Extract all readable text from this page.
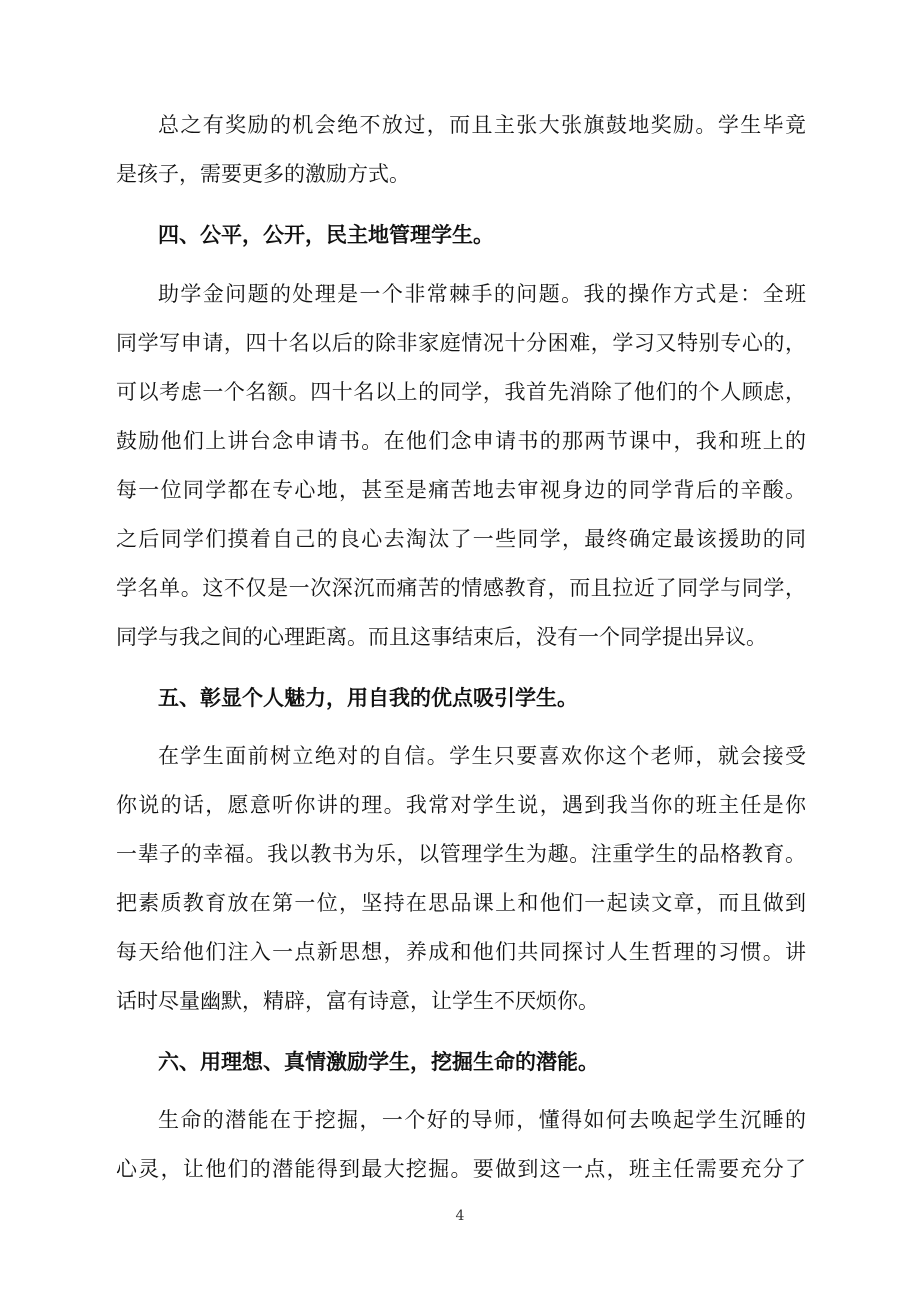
总之有奖励的机会绝不放过，而且主张大张旗鼓地奖励。学生毕竟
是孩子，需要更多的激励方式。
四、公平，公开，民主地管理学生。
助学金问题的处理是一个非常棘手的问题。我的操作方式是：全班
同学写申请，四十名以后的除非家庭情况十分困难，学习又特别专心的，
可以考虑一个名额。四十名以上的同学，我首先消除了他们的个人顾虑，
鼓励他们上讲台念申请书。在他们念申请书的那两节课中，我和班上的
每一位同学都在专心地，甚至是痛苦地去审视身边的同学背后的辛酸。
之后同学们摸着自己的良心去淘汰了一些同学，最终确定最该援助的同
学名单。这不仅是一次深沉而痛苦的情感教育，而且拉近了同学与同学，
同学与我之间的心理距离。而且这事结束后，没有一个同学提出异议。
五、彰显个人魅力，用自我的优点吸引学生。
在学生面前树立绝对的自信。学生只要喜欢你这个老师，就会接受
你说的话，愿意听你讲的理。我常对学生说，遇到我当你的班主任是你
一辈子的幸福。我以教书为乐，以管理学生为趣。注重学生的品格教育。
把素质教育放在第一位，坚持在思品课上和他们一起读文章，而且做到
每天给他们注入一点新思想，养成和他们共同探讨人生哲理的习惯。讲
话时尽量幽默，精辟，富有诗意，让学生不厌烦你。
六、用理想、真情激励学生，挖掘生命的潜能。
生命的潜能在于挖掘，一个好的导师，懂得如何去唤起学生沉睡的
心灵，让他们的潜能得到最大挖掘。要做到这一点，班主任需要充分了
4
